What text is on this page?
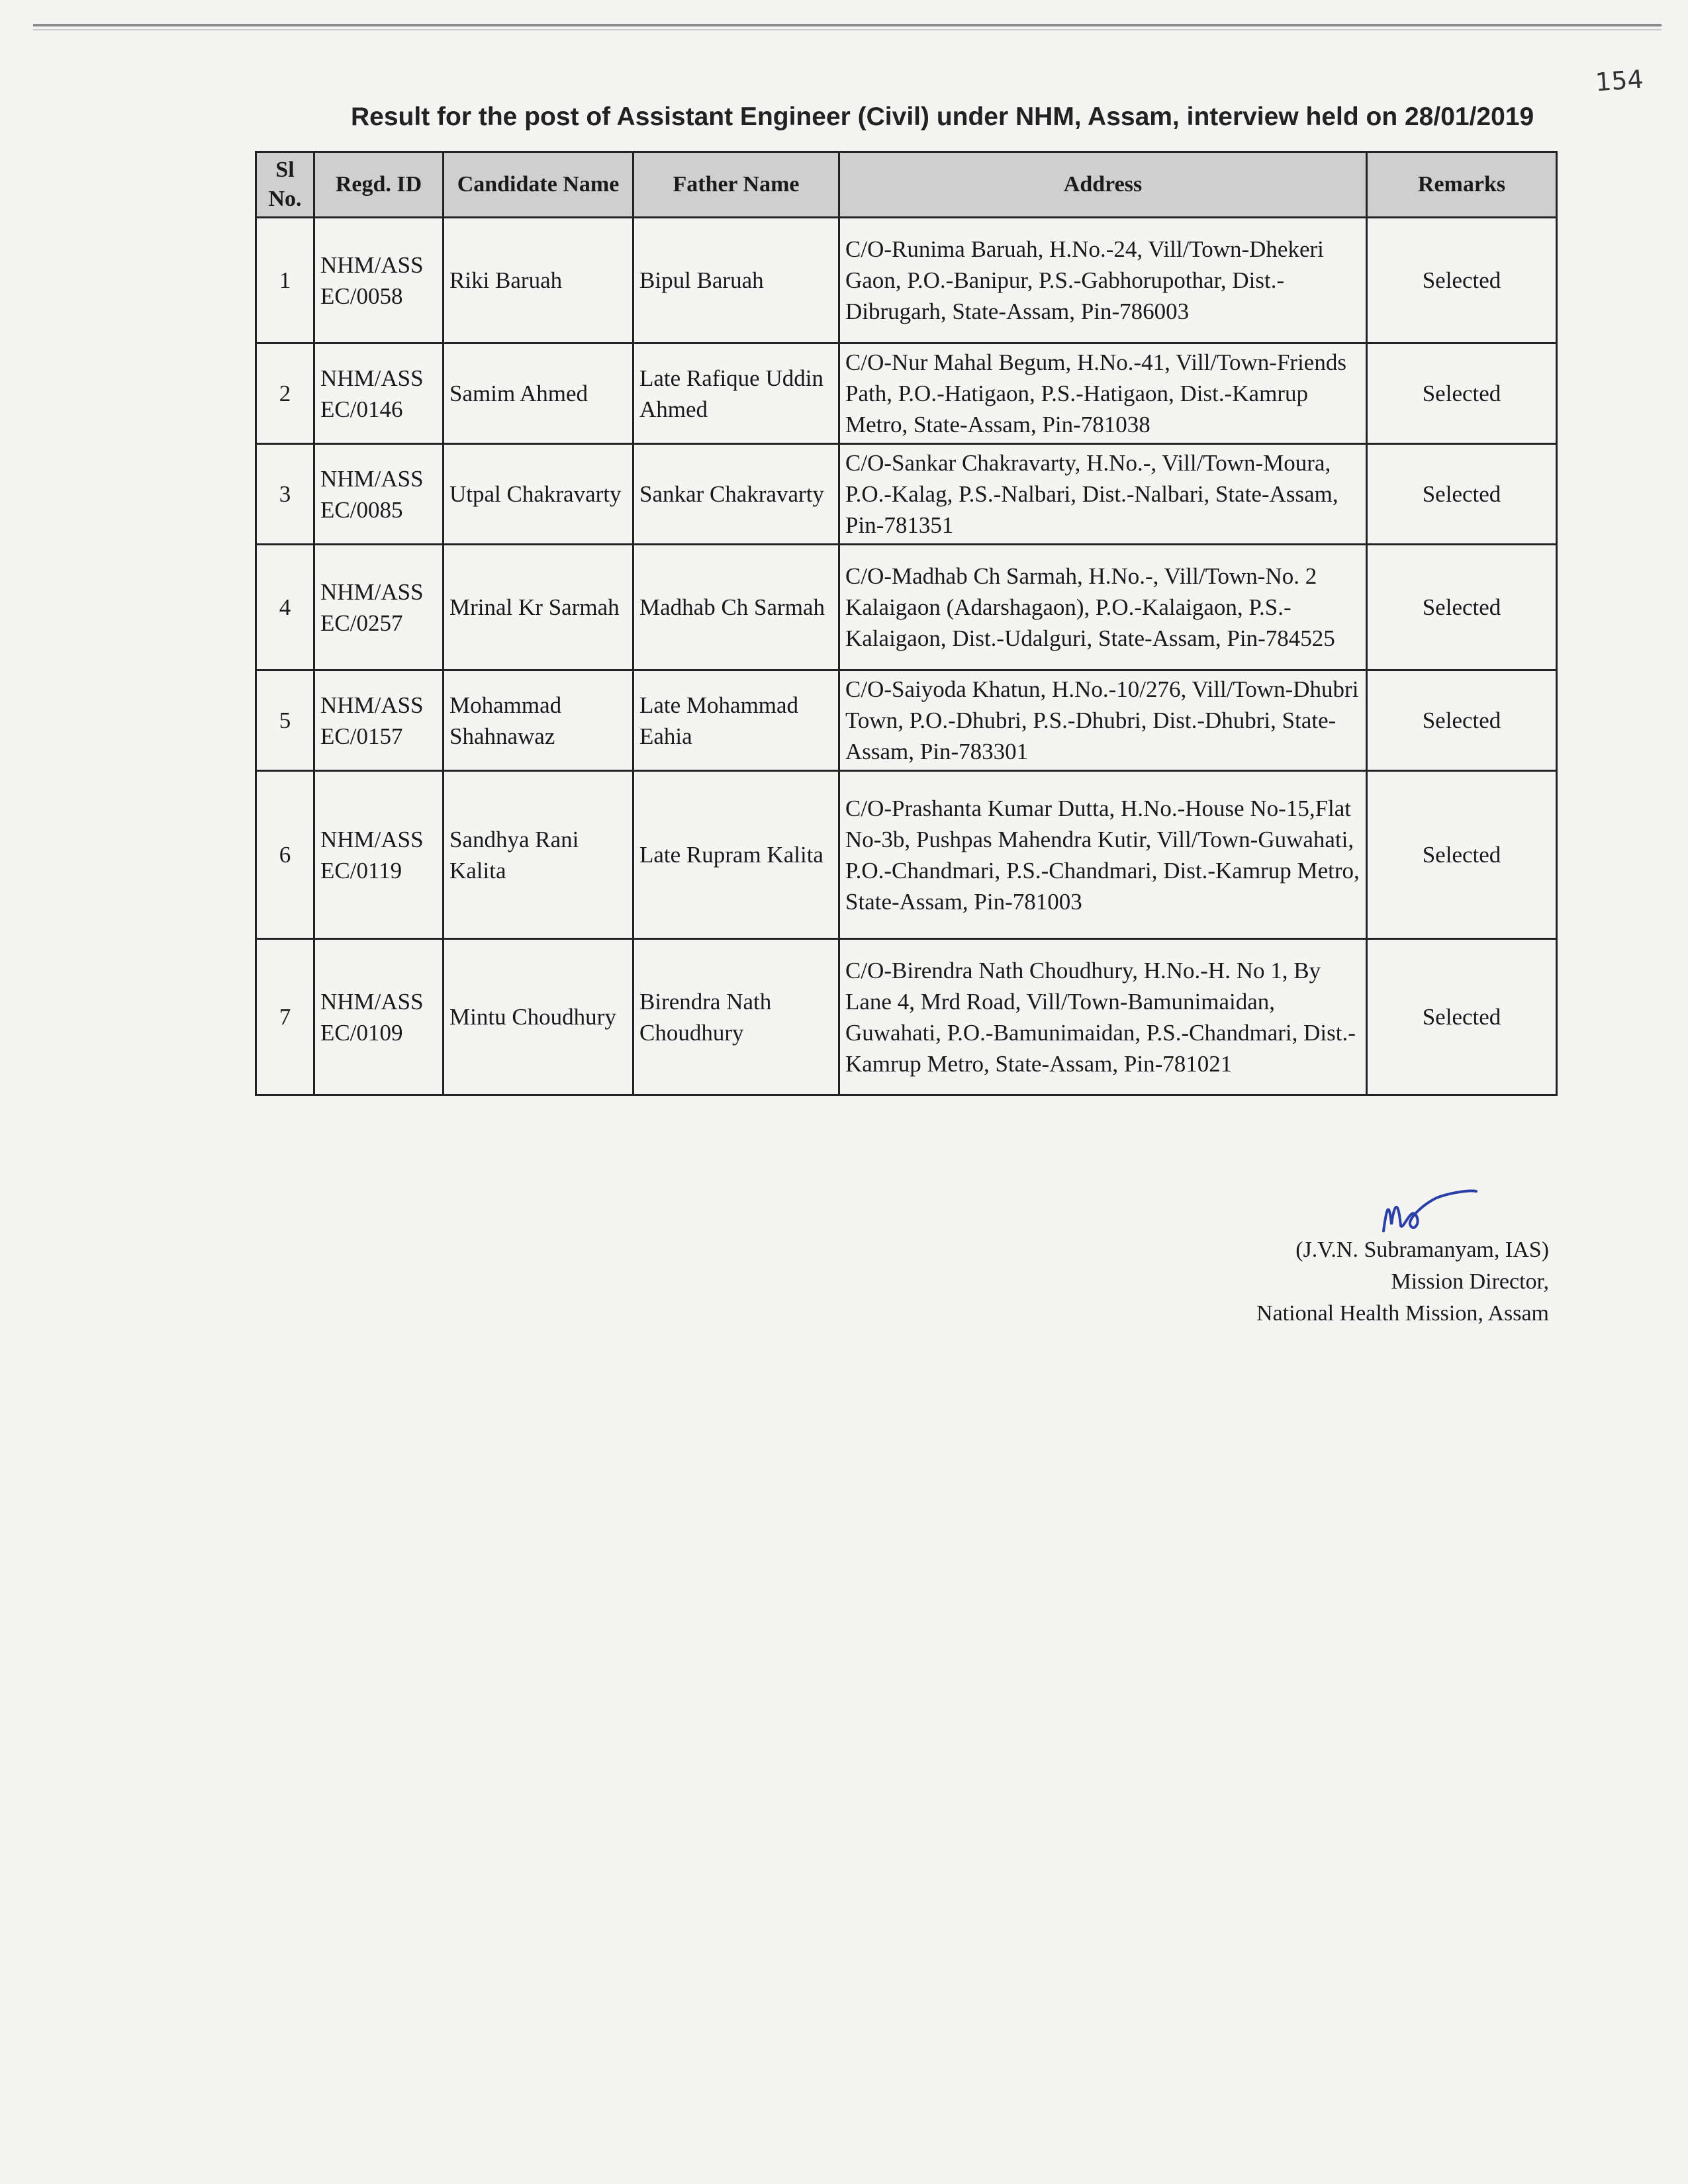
154
Result for the post of Assistant Engineer (Civil) under NHM, Assam, interview held on 28/01/2019
Sl No.	Regd. ID	Candidate Name	Father Name	Address	Remarks
1	NHM/ASS EC/0058	Riki Baruah	Bipul Baruah	C/O-Runima Baruah, H.No.-24, Vill/Town-Dhekeri Gaon, P.O.-Banipur, P.S.-Gabhorupothar, Dist.-Dibrugarh, State-Assam, Pin-786003	Selected
2	NHM/ASS EC/0146	Samim Ahmed	Late Rafique Uddin Ahmed	C/O-Nur Mahal Begum, H.No.-41, Vill/Town-Friends Path, P.O.-Hatigaon, P.S.-Hatigaon, Dist.-Kamrup Metro, State-Assam, Pin-781038	Selected
3	NHM/ASS EC/0085	Utpal Chakravarty	Sankar Chakravarty	C/O-Sankar Chakravarty, H.No.-, Vill/Town-Moura, P.O.-Kalag, P.S.-Nalbari, Dist.-Nalbari, State-Assam, Pin-781351	Selected
4	NHM/ASS EC/0257	Mrinal Kr Sarmah	Madhab Ch Sarmah	C/O-Madhab Ch Sarmah, H.No.-, Vill/Town-No. 2 Kalaigaon (Adarshagaon), P.O.-Kalaigaon, P.S.-Kalaigaon, Dist.-Udalguri, State-Assam, Pin-784525	Selected
5	NHM/ASS EC/0157	Mohammad Shahnawaz	Late Mohammad Eahia	C/O-Saiyoda Khatun, H.No.-10/276, Vill/Town-Dhubri Town, P.O.-Dhubri, P.S.-Dhubri, Dist.-Dhubri, State-Assam, Pin-783301	Selected
6	NHM/ASS EC/0119	Sandhya Rani Kalita	Late Rupram Kalita	C/O-Prashanta Kumar Dutta, H.No.-House No-15,Flat No-3b, Pushpas Mahendra Kutir, Vill/Town-Guwahati, P.O.-Chandmari, P.S.-Chandmari, Dist.-Kamrup Metro, State-Assam, Pin-781003	Selected
7	NHM/ASS EC/0109	Mintu Choudhury	Birendra Nath Choudhury	C/O-Birendra Nath Choudhury, H.No.-H. No 1, By Lane 4, Mrd Road, Vill/Town-Bamunimaidan, Guwahati, P.O.-Bamunimaidan, P.S.-Chandmari, Dist.-Kamrup Metro, State-Assam, Pin-781021	Selected
(J.V.N. Subramanyam, IAS)
Mission Director,
National Health Mission, Assam
